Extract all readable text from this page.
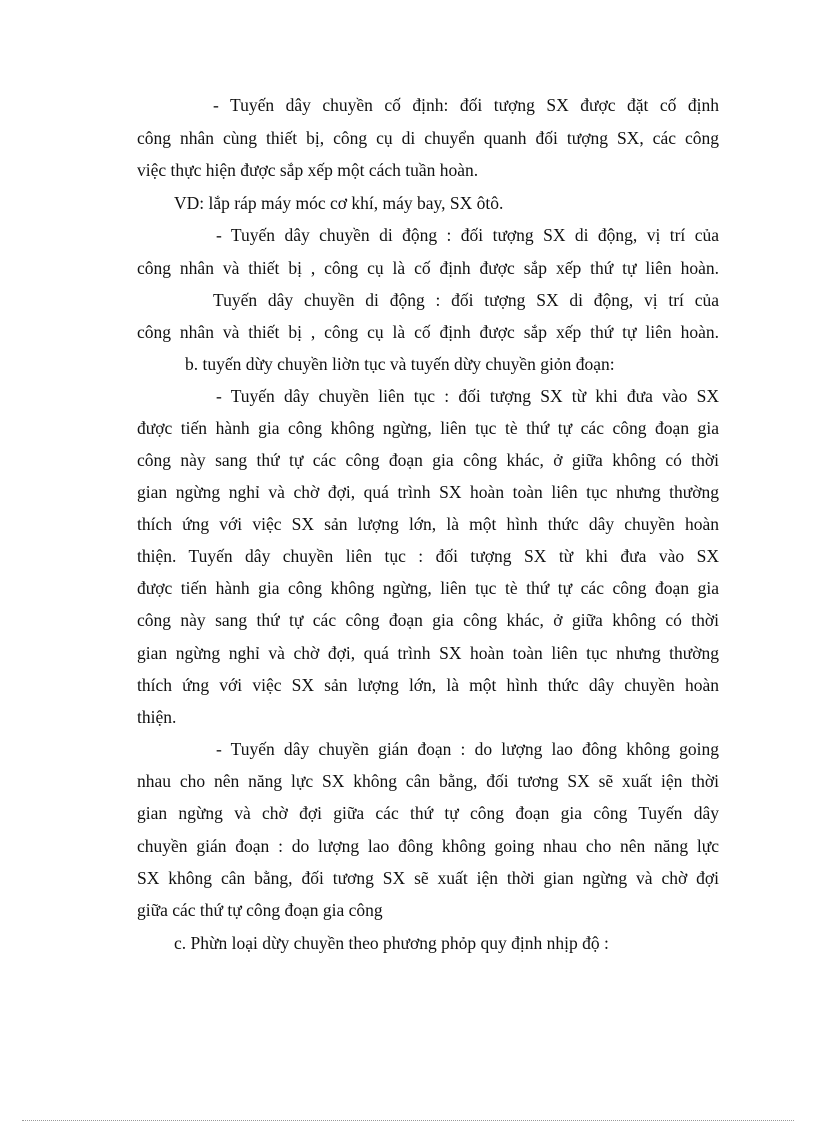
- Tuyến dây chuyền cố định: đối tượng SX được đặt cố định
công nhân cùng thiết bị, công cụ di chuyển quanh đối tượng SX, các công
việc thực hiện được sắp xếp một cách tuần hoàn.
VD: lắp ráp máy móc cơ khí, máy bay, SX ôtô.
- Tuyến dây chuyền di động : đối tượng SX di động, vị trí của
công nhân và thiết bị , công cụ là cố định được sắp xếp thứ tự liên hoàn.
Tuyến dây chuyền di động : đối tượng SX di động, vị trí của
công nhân và thiết bị , công cụ là cố định được sắp xếp thứ tự liên hoàn.
b. tuyến dừy chuyền liờn tục và tuyến dừy chuyền giỏn đoạn:
- Tuyến dây chuyền liên tục : đối tượng SX từ khi đưa vào SX
được tiến hành gia công không ngừng, liên tục tè thứ tự các công đoạn gia
công này sang thứ tự các công đoạn gia công khác, ở giữa không có thời
gian ngừng nghỉ và chờ đợi, quá trình SX hoàn toàn liên tục nhưng thường
thích ứng với việc SX sản lượng lớn, là một hình thức dây chuyền hoàn
thiện. Tuyến dây chuyền liên tục : đối tượng SX từ khi đưa vào SX
được tiến hành gia công không ngừng, liên tục tè thứ tự các công đoạn gia
công này sang thứ tự các công đoạn gia công khác, ở giữa không có thời
gian ngừng nghỉ và chờ đợi, quá trình SX hoàn toàn liên tục nhưng thường
thích ứng với việc SX sản lượng lớn, là một hình thức dây chuyền hoàn
thiện.
- Tuyến dây chuyền gián đoạn : do lượng lao đông không going
nhau cho nên năng lực SX không cân bằng, đối tương SX sẽ xuất iện thời
gian ngừng và chờ đợi giữa các thứ tự công đoạn gia công Tuyến dây
chuyền gián đoạn : do lượng lao đông không going nhau cho nên năng lực
SX không cân bằng, đối tương SX sẽ xuất iện thời gian ngừng và chờ đợi
giữa các thứ tự công đoạn gia công
c. Phừn loại dừy chuyền theo phương phỏp quy định nhịp độ :
